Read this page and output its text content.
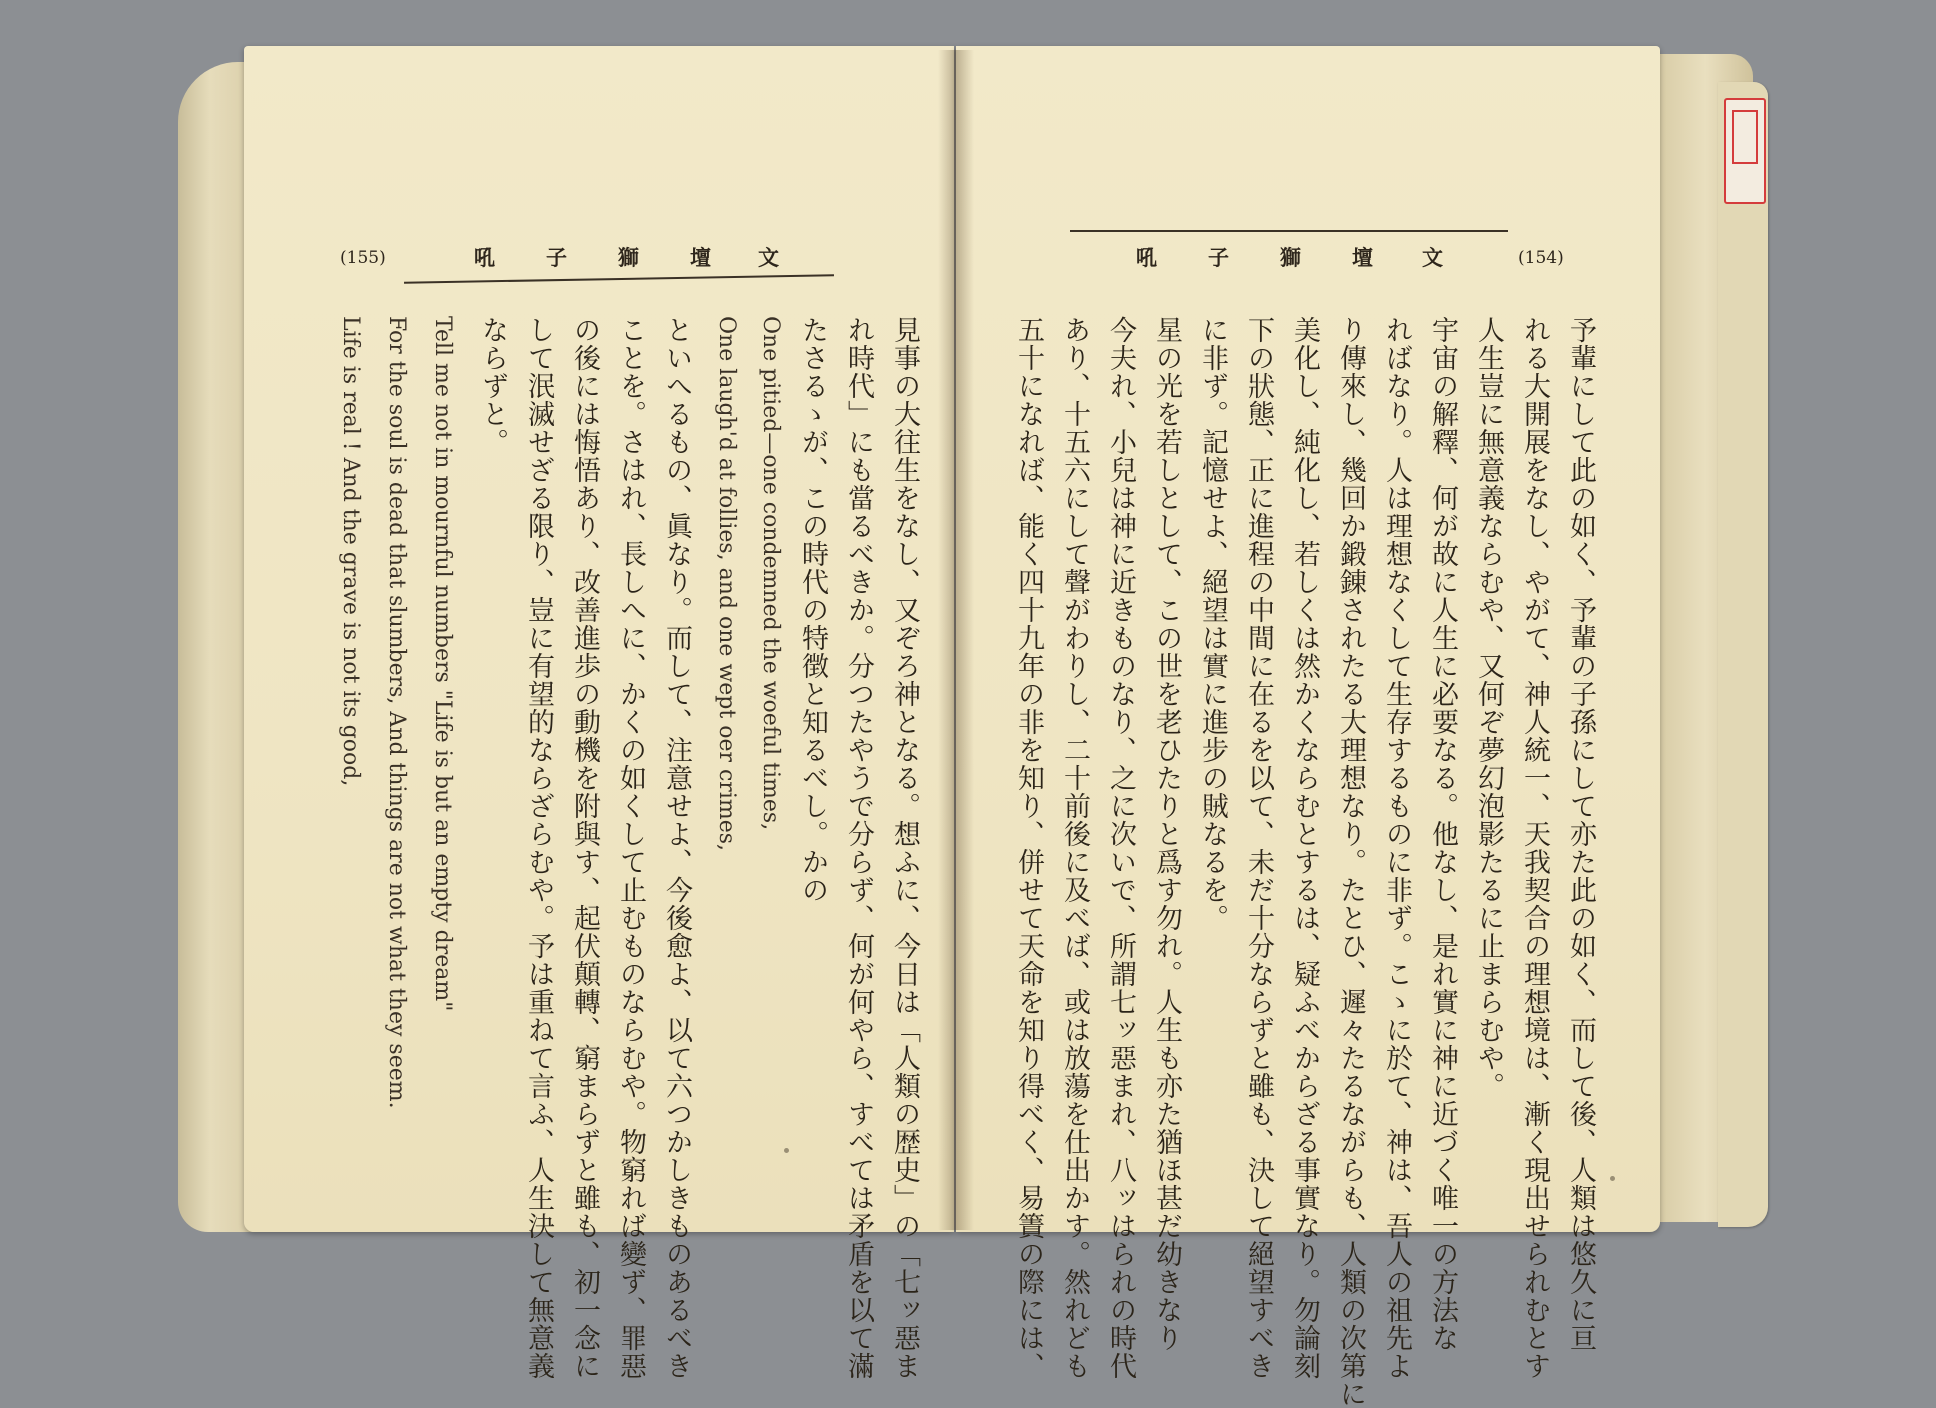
(155)	吼 子 獅 壇 文
見事の大往生をなし、又ぞろ神となる。想ふに、今日は「人類の歴史」の「七ッ惡ま
れ時代」にも當るべきか。分つたやうで分らず、何が何やら、すべては矛盾を以て滿
たさるゝが、この時代の特徴と知るべし。かの
One pitied—one condemned the woeful times,
One laugh'd at follies, and one wept oer crimes,
といへるもの、眞なり。而して、注意せよ、今後愈よ、以て六つかしきものあるべき
ことを。さはれ、長しへに、かくの如くして止むものならむや。物窮れば變ず、罪惡
の後には悔悟あり、改善進歩の動機を附與す、起伏顛轉、窮まらずと雖も、初一念に
して泯滅せざる限り、豈に有望的ならざらむや。予は重ねて言ふ、人生決して無意義
ならずと。
Tell me not in mournful numbers "Life is but an empty dream"
For the soul is dead that slumbers, And things are not what they seem.
Life is real ! And the grave is not its good,
吼 子 獅 壇 文	(154)
予輩にして此の如く、予輩の子孫にして亦た此の如く、而して後、人類は悠久に亘
れる大開展をなし、やがて、神人統一、天我契合の理想境は、漸く現出せられむとす
人生豈に無意義ならむや、又何ぞ夢幻泡影たるに止まらむや。
宇宙の解釋、何が故に人生に必要なる。他なし、是れ實に神に近づく唯一の方法な
ればなり。人は理想なくして生存するものに非ず。こゝに於て、神は、吾人の祖先よ
り傳來し、幾回か鍛錬されたる大理想なり。たとひ、遲々たるながらも、人類の次第に
美化し、純化し、若しくは然かくならむとするは、疑ふべからざる事實なり。勿論刻
下の狀態、正に進程の中間に在るを以て、未だ十分ならずと雖も、決して絕望すべき
に非ず。記憶せよ、絕望は實に進步の賊なるを。
星の光を若しとして、この世を老ひたりと爲す勿れ。人生も亦た猶ほ甚だ幼きなり
今夫れ、小兒は神に近きものなり、之に次いで、所謂七ッ惡まれ、八ッはられの時代
あり、十五六にして聲がわりし、二十前後に及べば、或は放蕩を仕出かす。然れども
五十になれば、能く四十九年の非を知り、併せて天命を知り得べく、易簀の際には、
